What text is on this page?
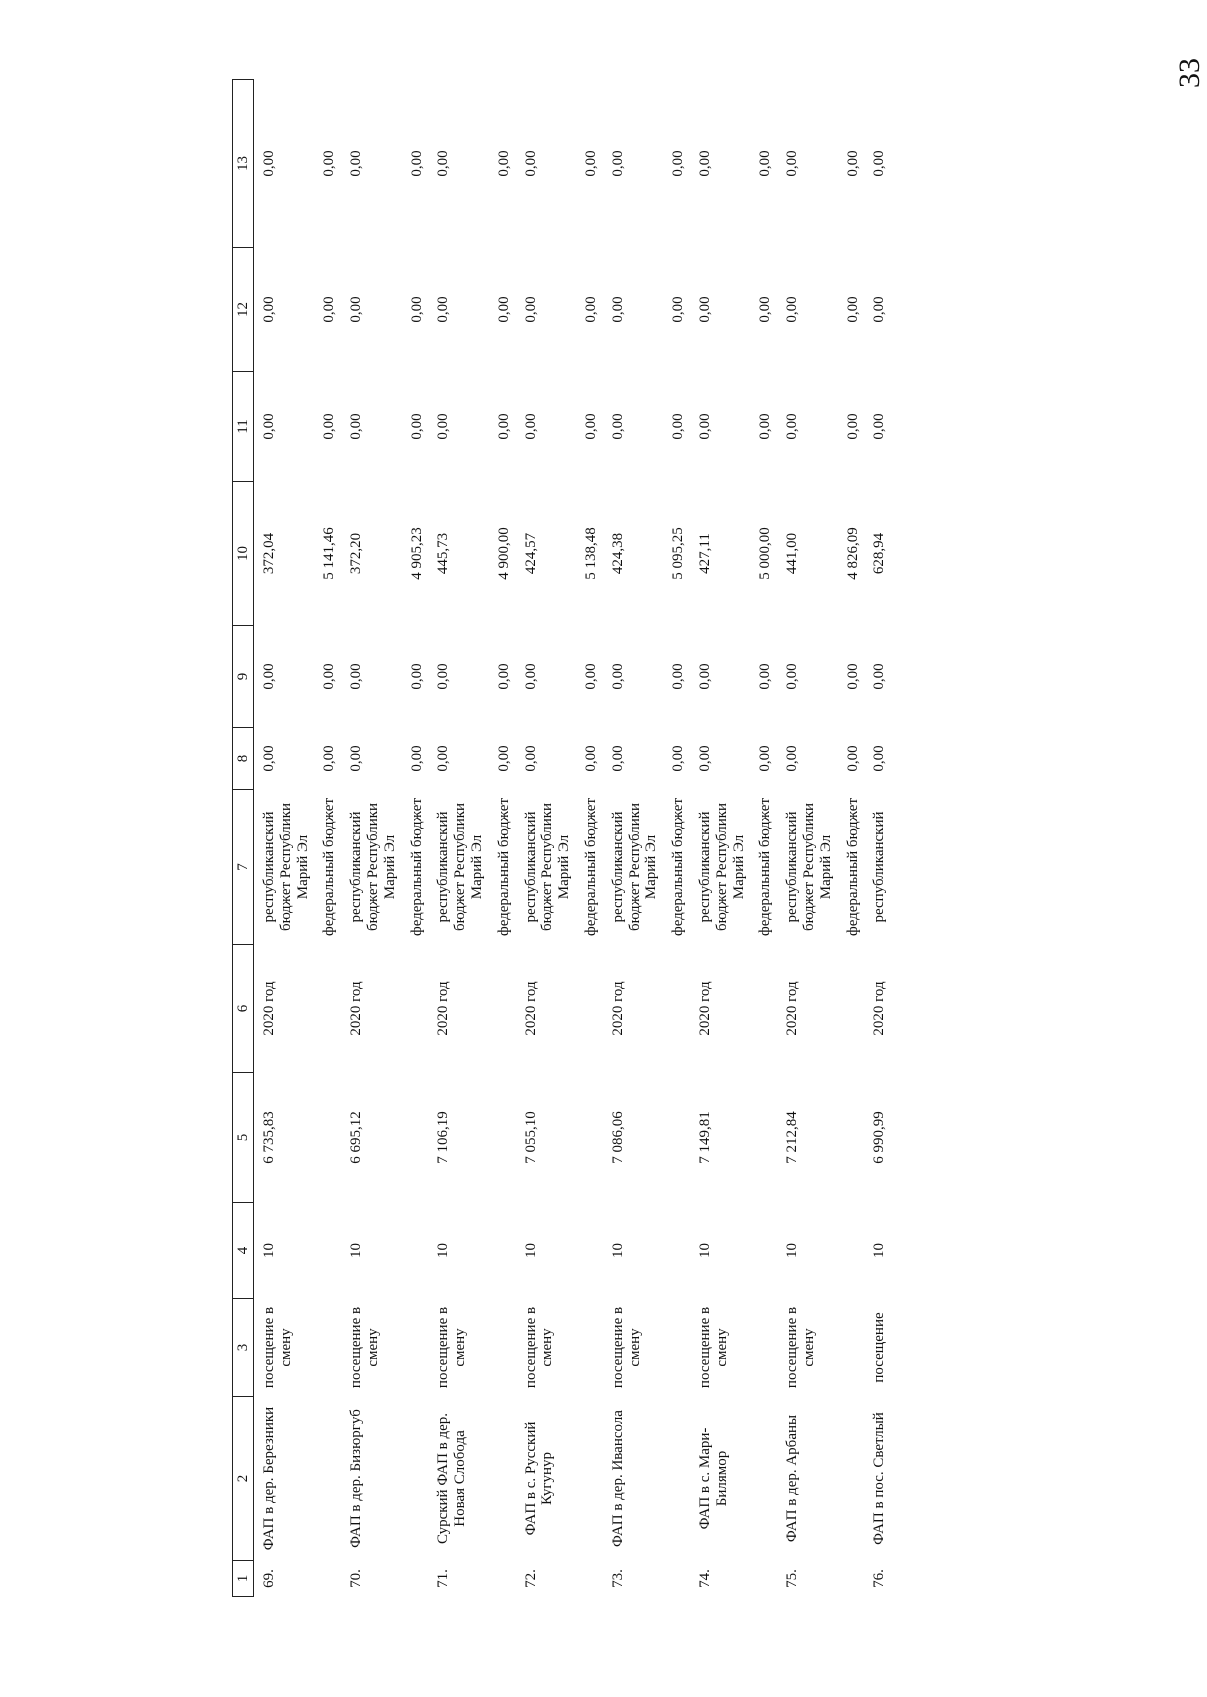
33
1	2	3	4	5	6	7	8	9	10	11	12	13
69.	ФАП в дер. Березники	посещение в смену	10	6 735,83	2020 год	республиканский бюджет Республики Марий Эл	0,00	0,00	372,04	0,00	0,00	0,00
						федеральный бюджет	0,00	0,00	5 141,46	0,00	0,00	0,00
70.	ФАП в дер. Бизюргуб	посещение в смену	10	6 695,12	2020 год	республиканский бюджет Республики Марий Эл	0,00	0,00	372,20	0,00	0,00	0,00
						федеральный бюджет	0,00	0,00	4 905,23	0,00	0,00	0,00
71.	Сурский ФАП в дер. Новая Слобода	посещение в смену	10	7 106,19	2020 год	республиканский бюджет Республики Марий Эл	0,00	0,00	445,73	0,00	0,00	0,00
						федеральный бюджет	0,00	0,00	4 900,00	0,00	0,00	0,00
72.	ФАП в с. Русский Кугунур	посещение в смену	10	7 055,10	2020 год	республиканский бюджет Республики Марий Эл	0,00	0,00	424,57	0,00	0,00	0,00
						федеральный бюджет	0,00	0,00	5 138,48	0,00	0,00	0,00
73.	ФАП в дер. Ивансола	посещение в смену	10	7 086,06	2020 год	республиканский бюджет Республики Марий Эл	0,00	0,00	424,38	0,00	0,00	0,00
						федеральный бюджет	0,00	0,00	5 095,25	0,00	0,00	0,00
74.	ФАП в с. Мари-Билямор	посещение в смену	10	7 149,81	2020 год	республиканский бюджет Республики Марий Эл	0,00	0,00	427,11	0,00	0,00	0,00
						федеральный бюджет	0,00	0,00	5 000,00	0,00	0,00	0,00
75.	ФАП в дер. Арбаны	посещение в смену	10	7 212,84	2020 год	республиканский бюджет Республики Марий Эл	0,00	0,00	441,00	0,00	0,00	0,00
						федеральный бюджет	0,00	0,00	4 826,09	0,00	0,00	0,00
76.	ФАП в пос. Светлый	посещение	10	6 990,99	2020 год	республиканский	0,00	0,00	628,94	0,00	0,00	0,00
